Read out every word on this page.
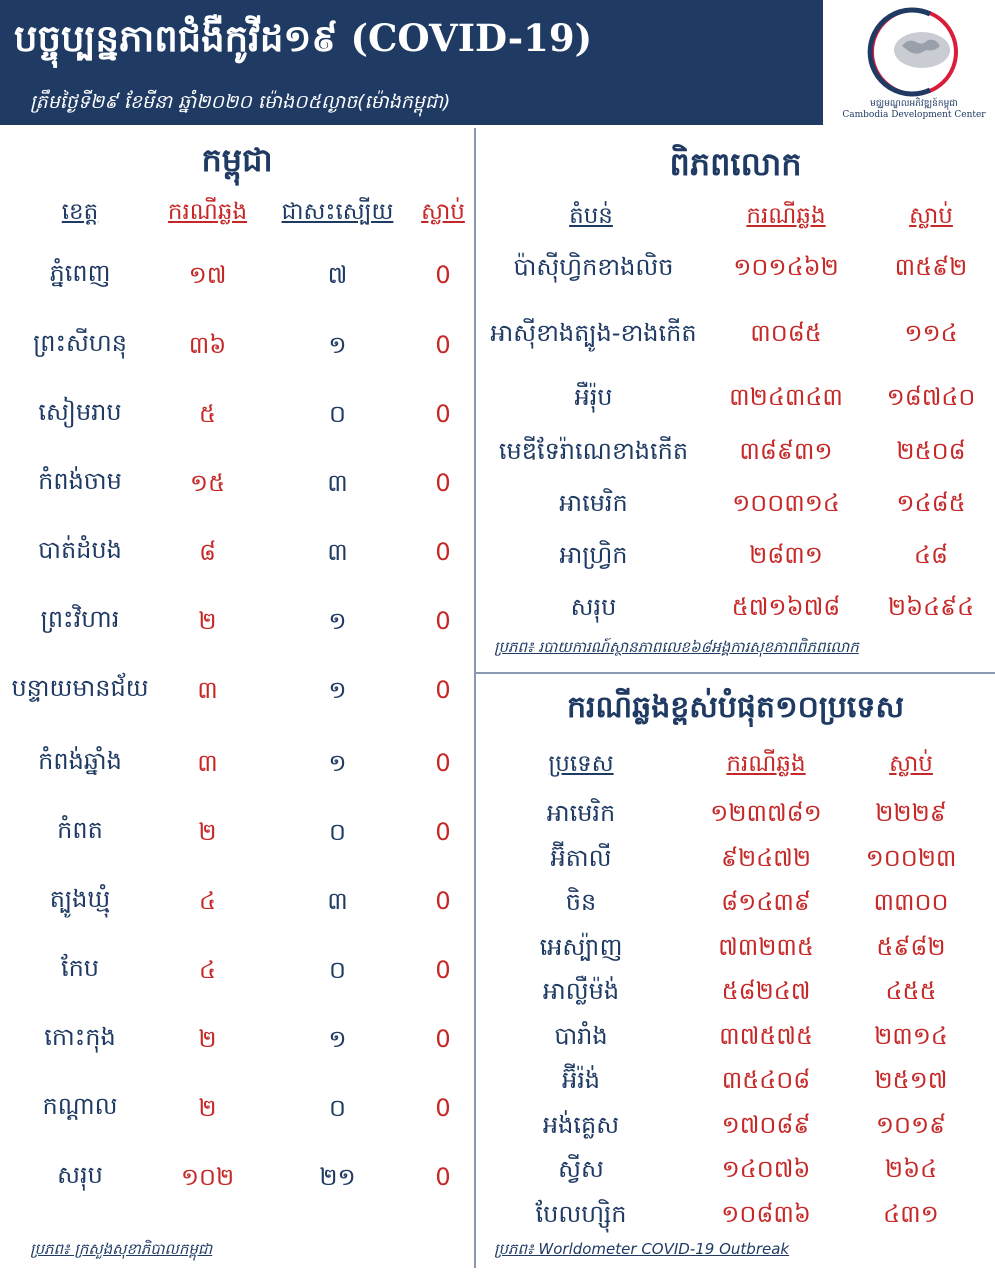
បច្ចុប្បន្នភាពជំងឺកូវីដ១៩ (COVID-19)
ត្រឹមថ្ងៃទី២៩ ខែមីនា ឆ្នាំ២០២០ ម៉ោង០៥ល្ងាច(ម៉ោងកម្ពុជា)	មជ្ឈមណ្ឌលអភិវឌ្ឍន៍កម្ពុជា
Cambodia Development Center
កម្ពុជា
ខេត្ត	ករណីឆ្លង	ជាសះស្បើយ	ស្លាប់
ភ្នំពេញ	១៧	៧	0
ព្រះសីហនុ	៣៦	១	0
សៀមរាប	៥	០	0
កំពង់ចាម	១៥	៣	0
បាត់ដំបង	៨	៣	0
ព្រះវិហារ	២	១	0
បន្ទាយមានជ័យ	៣	១	0
កំពង់ឆ្នាំង	៣	១	0
កំពត	២	០	0
ត្បូងឃ្មុំ	៤	៣	0
កែប	៤	០	0
កោះកុង	២	១	0
កណ្ដាល	២	០	0
សរុប	១០២	២១	0
ប្រភព៖ ក្រសួងសុខាភិបាលកម្ពុជា
ពិភពលោក
តំបន់	ករណីឆ្លង	ស្លាប់
ប៉ាស៊ីហ្វិកខាងលិច	១០១៤៦២	៣៥៩២
អាស៊ីខាងត្បូង-ខាងកើត	៣០៨៥	១១៤
អឺរ៉ុប	៣២៤៣៤៣	១៨៧៤០
មេឌីទែរ៉ាណេខាងកើត	៣៨៩៣១	២៥០៨
អាមេរិក	១០០៣១៤	១៤៨៥
អាហ្វ្រិក	២៨៣១	៤៨
សរុប	៥៧១៦៧៨	២៦៤៩៤
ប្រភព៖ របាយការណ៍ស្ថានភាពលេខ៦៨អង្គការសុខភាពពិភពលោក
ករណីឆ្លងខ្ពស់បំផុត១០ប្រទេស
ប្រទេស	ករណីឆ្លង	ស្លាប់
អាមេរិក	១២៣៧៨១	២២២៩
អ៊ីតាលី	៩២៤៧២	១០០២៣
ចិន	៨១៤៣៩	៣៣០០
អេស្ប៉ាញ	៧៣២៣៥	៥៩៨២
អាល្លឺម៉ង់	៥៨២៤៧	៤៥៥
បារាំង	៣៧៥៧៥	២៣១៤
អ៊ីរ៉ង់	៣៥៤០៨	២៥១៧
អង់គ្លេស	១៧០៨៩	១០១៩
ស្វីស	១៤០៧៦	២៦៤
បែលហ្ស៊ិក	១០៨៣៦	៤៣១
ប្រភព៖ Worldometer COVID-19 Outbreak
